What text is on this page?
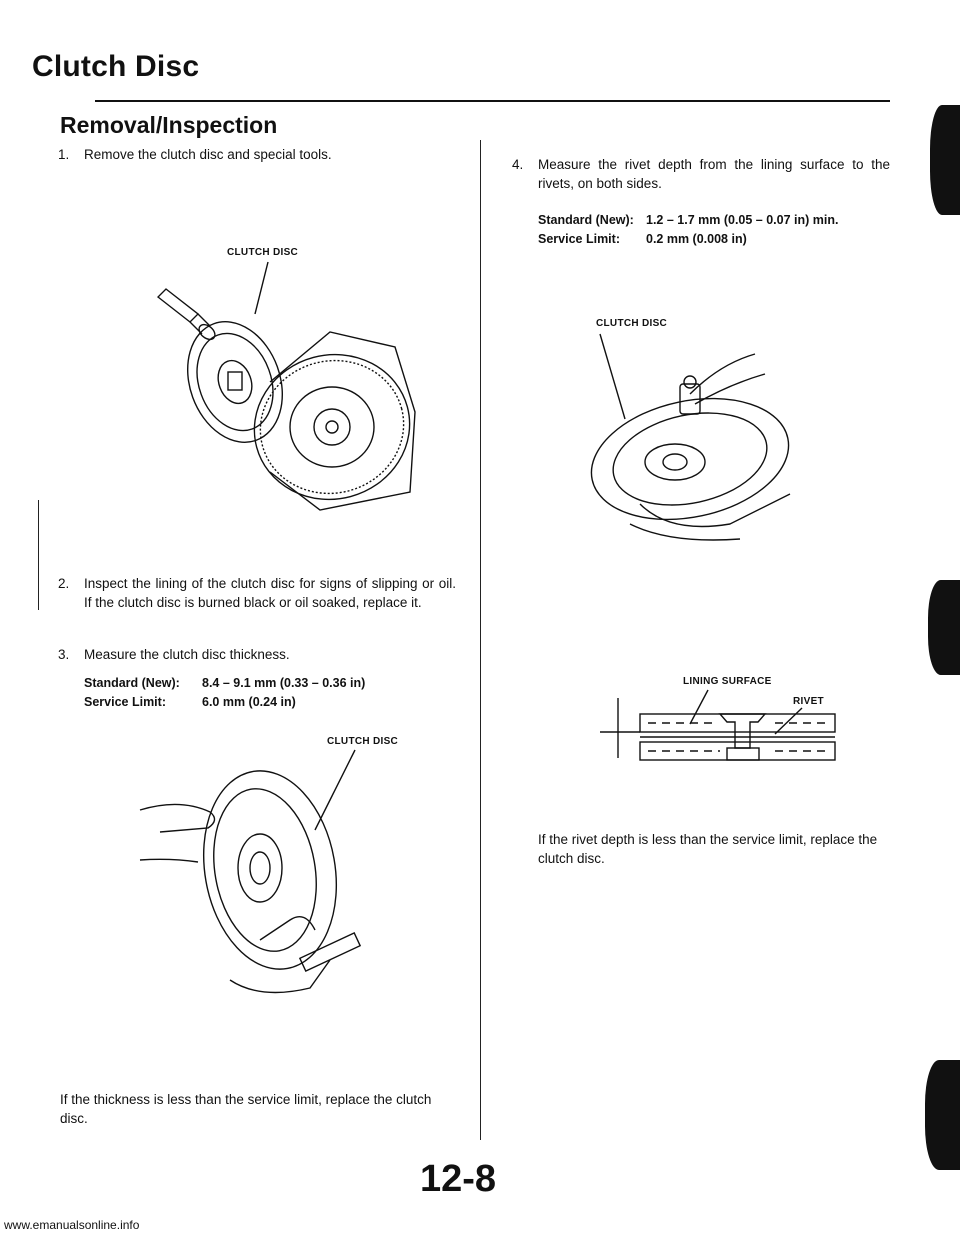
Clutch Disc
Removal/Inspection
1. Remove the clutch disc and special tools.
CLUTCH DISC
2. Inspect the lining of the clutch disc for signs of slipping or oil. If the clutch disc is burned black or oil soaked, replace it.
3. Measure the clutch disc thickness.
Standard (New): 8.4 – 9.1 mm (0.33 – 0.36 in)
Service Limit:	6.0 mm (0.24 in)
CLUTCH DISC
If the thickness is less than the service limit, replace the clutch disc.
4. Measure the rivet depth from the lining surface to the rivets, on both sides.
Standard (New): 1.2 – 1.7 mm (0.05 – 0.07 in) min.
Service Limit: 0.2 mm (0.008 in)
CLUTCH DISC
LINING SURFACE
RIVET
If the rivet depth is less than the service limit, replace the clutch disc.
12-8
www.emanualsonline.info
